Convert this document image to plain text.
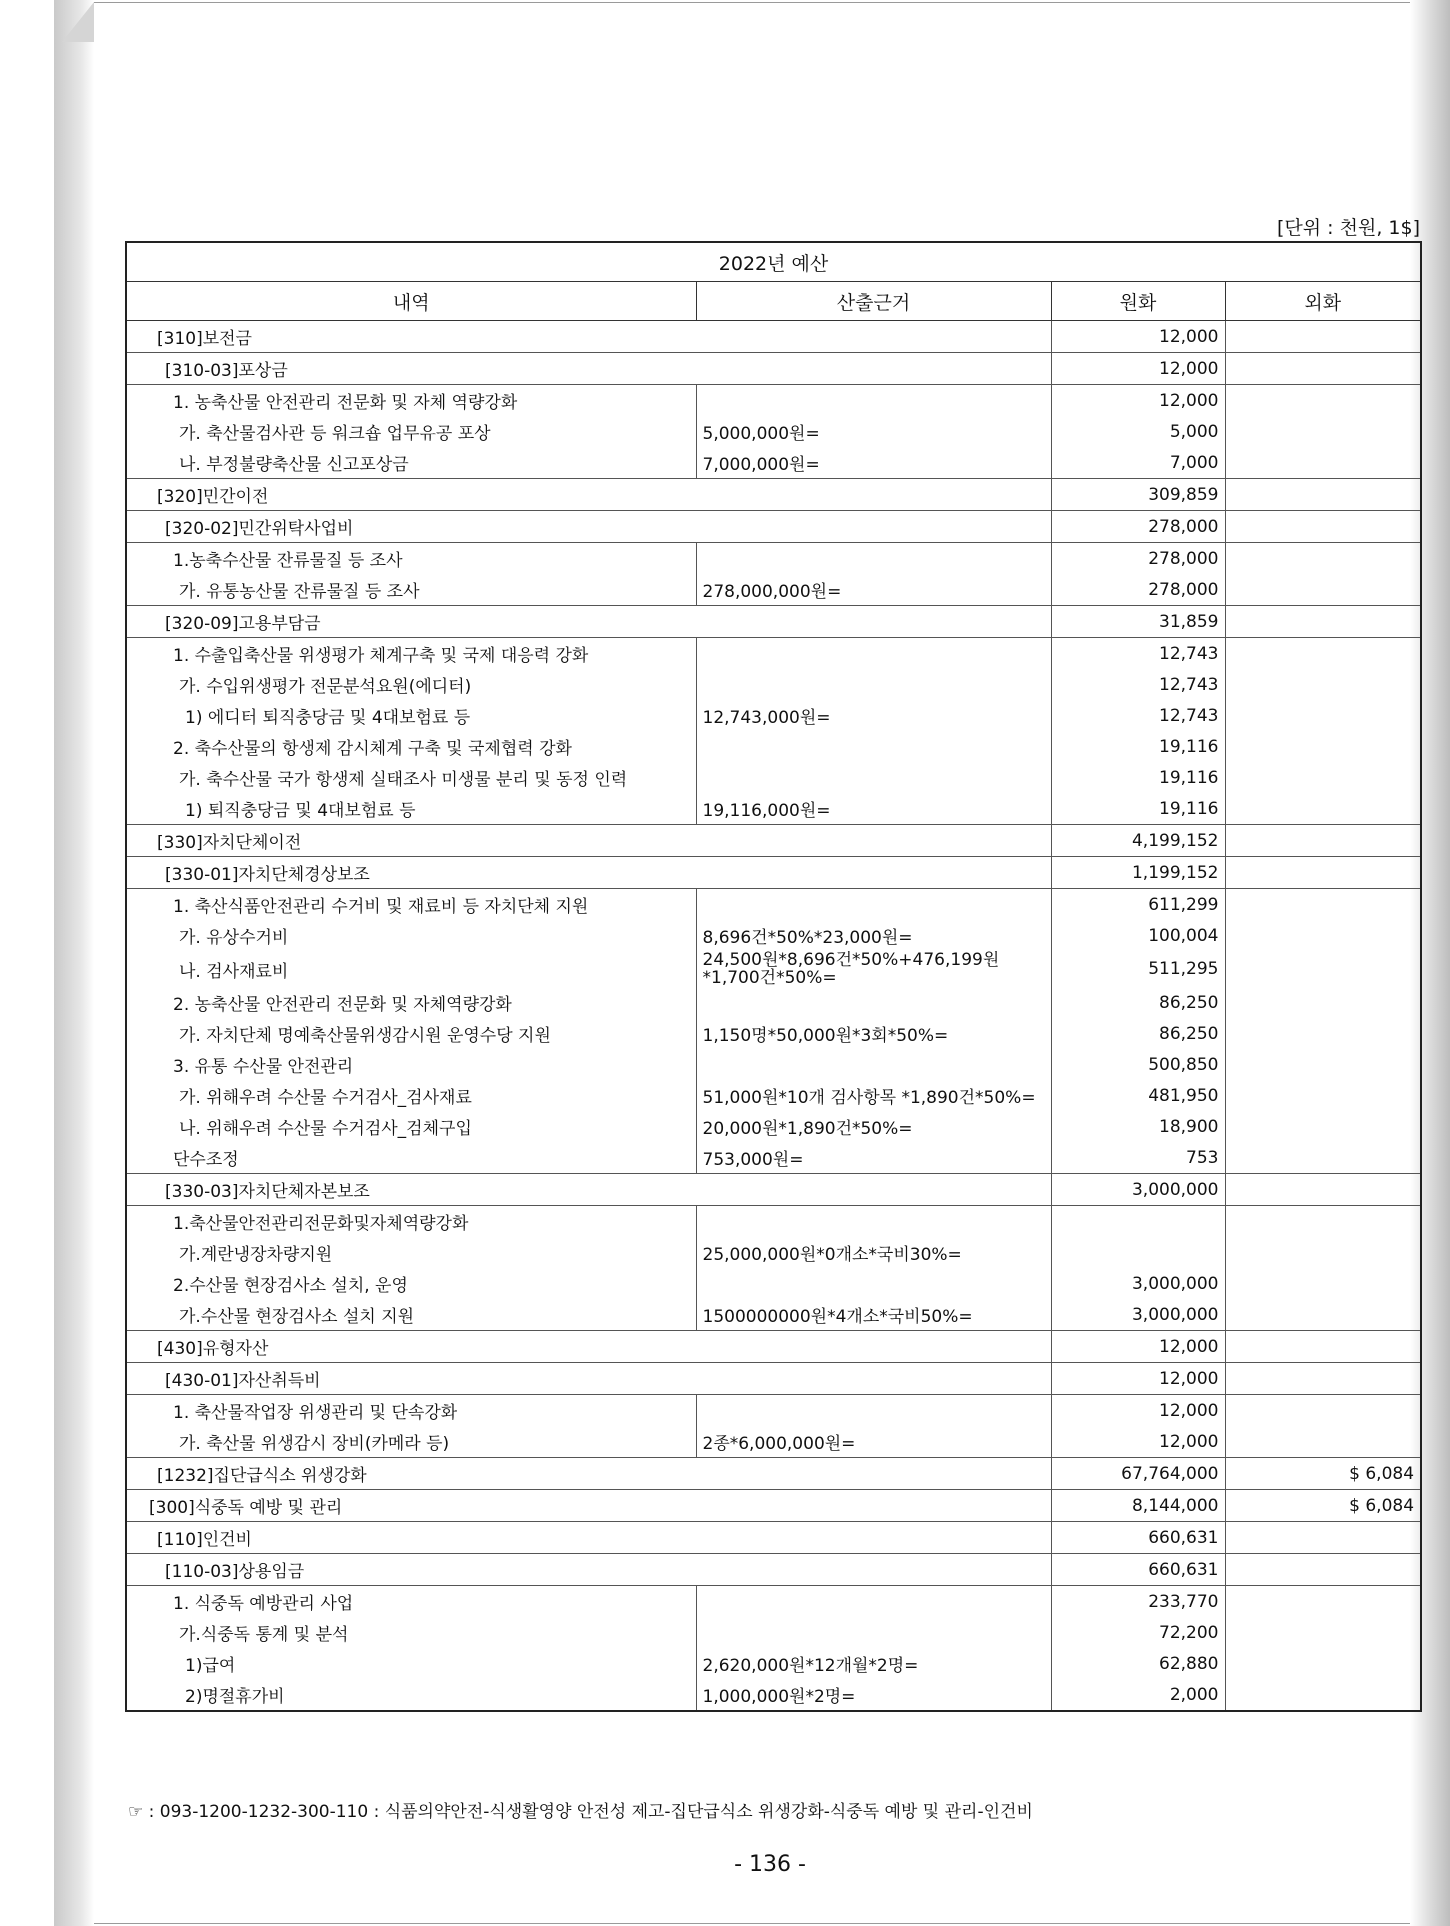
[단위 : 천원, 1$]
2022년 예산			
내역	산출근거	원화	외화
[310]보전금		12,000	
[310-03]포상금		12,000	
1. 농축산물 안전관리 전문화 및 자체 역량강화		12,000	
가. 축산물검사관 등 워크숍 업무유공 포상	5,000,000원=	5,000	
나. 부정불량축산물 신고포상금	7,000,000원=	7,000	
[320]민간이전		309,859	
[320-02]민간위탁사업비		278,000	
1.농축수산물 잔류물질 등 조사		278,000	
가. 유통농산물 잔류물질 등 조사	278,000,000원=	278,000	
[320-09]고용부담금		31,859	
1. 수출입축산물 위생평가 체계구축 및 국제 대응력 강화		12,743	
가. 수입위생평가 전문분석요원(에디터)		12,743	
1) 에디터 퇴직충당금 및 4대보험료 등	12,743,000원=	12,743	
2. 축수산물의 항생제 감시체계 구축 및 국제협력 강화		19,116	
가. 축수산물 국가 항생제 실태조사 미생물 분리 및 동정 인력		19,116	
1) 퇴직충당금 및 4대보험료 등	19,116,000원=	19,116	
[330]자치단체이전		4,199,152	
[330-01]자치단체경상보조		1,199,152	
1. 축산식품안전관리 수거비 및 재료비 등 자치단체 지원		611,299	
가. 유상수거비	8,696건*50%*23,000원=	100,004	
나. 검사재료비	24,500원*8,696건*50%+476,199원*1,700건*50%=	511,295	
2. 농축산물 안전관리 전문화 및 자체역량강화		86,250	
가. 자치단체 명예축산물위생감시원 운영수당 지원	1,150명*50,000원*3회*50%=	86,250	
3. 유통 수산물 안전관리		500,850	
가. 위해우려 수산물 수거검사_검사재료	51,000원*10개 검사항목 *1,890건*50%=	481,950	
나. 위해우려 수산물 수거검사_검체구입	20,000원*1,890건*50%=	18,900	
단수조정	753,000원=	753	
[330-03]자치단체자본보조		3,000,000	
1.축산물안전관리전문화및자체역량강화			
가.계란냉장차량지원	25,000,000원*0개소*국비30%=		
2.수산물 현장검사소 설치, 운영		3,000,000	
가.수산물 현장검사소 설치 지원	1500000000원*4개소*국비50%=	3,000,000	
[430]유형자산		12,000	
[430-01]자산취득비		12,000	
1. 축산물작업장 위생관리 및 단속강화		12,000	
가. 축산물 위생감시 장비(카메라 등)	2종*6,000,000원=	12,000	
[1232]집단급식소 위생강화		67,764,000	$ 6,084
[300]식중독 예방 및 관리		8,144,000	$ 6,084
[110]인건비		660,631	
[110-03]상용임금		660,631	
1. 식중독 예방관리 사업		233,770	
가.식중독 통계 및 분석		72,200	
1)급여	2,620,000원*12개월*2명=	62,880	
2)명절휴가비	1,000,000원*2명=	2,000	
☞ : 093-1200-1232-300-110 : 식품의약안전-식생활영양 안전성 제고-집단급식소 위생강화-식중독 예방 및 관리-인건비
- 136 -
